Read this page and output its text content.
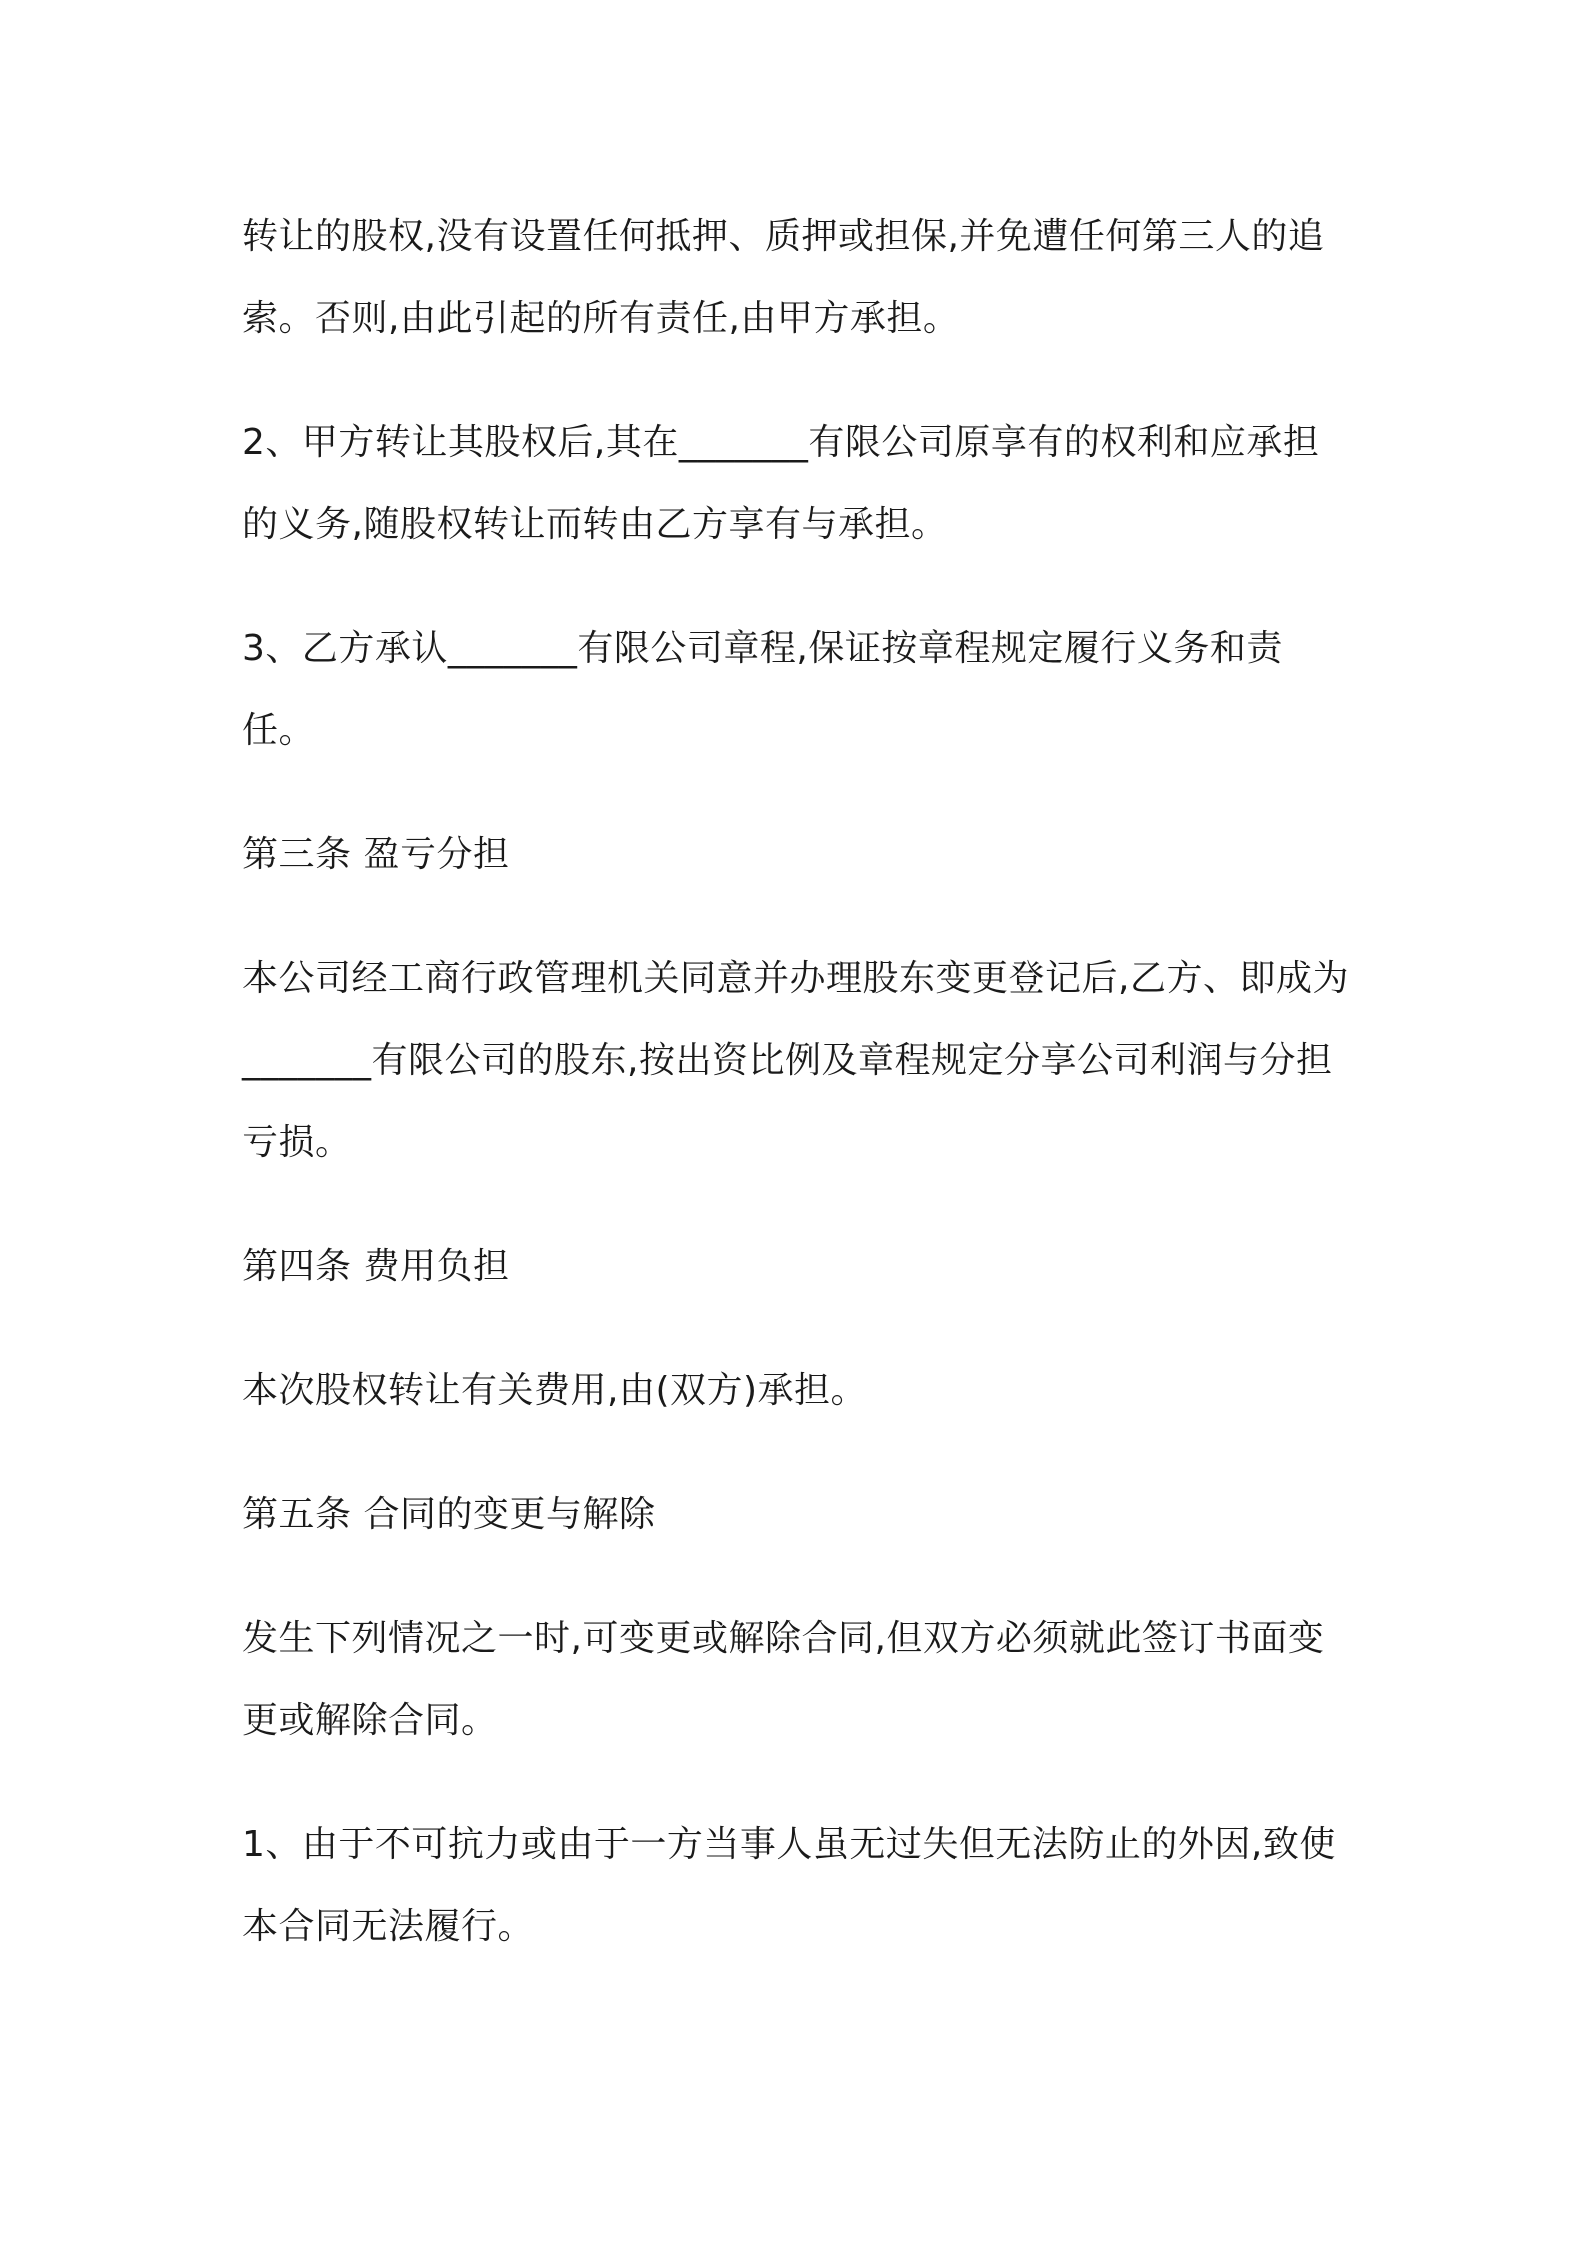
转让的股权,没有设置任何抵押、质押或担保,并免遭任何第三人的追索。否则,由此引起的所有责任,由甲方承担。

2、甲方转让其股权后,其在_______有限公司原享有的权利和应承担的义务,随股权转让而转由乙方享有与承担。

3、乙方承认_______有限公司章程,保证按章程规定履行义务和责任。

第三条 盈亏分担

本公司经工商行政管理机关同意并办理股东变更登记后,乙方、即成为_______有限公司的股东,按出资比例及章程规定分享公司利润与分担亏损。

第四条 费用负担

本次股权转让有关费用,由(双方)承担。

第五条 合同的变更与解除

发生下列情况之一时,可变更或解除合同,但双方必须就此签订书面变更或解除合同。

1、由于不可抗力或由于一方当事人虽无过失但无法防止的外因,致使本合同无法履行。
